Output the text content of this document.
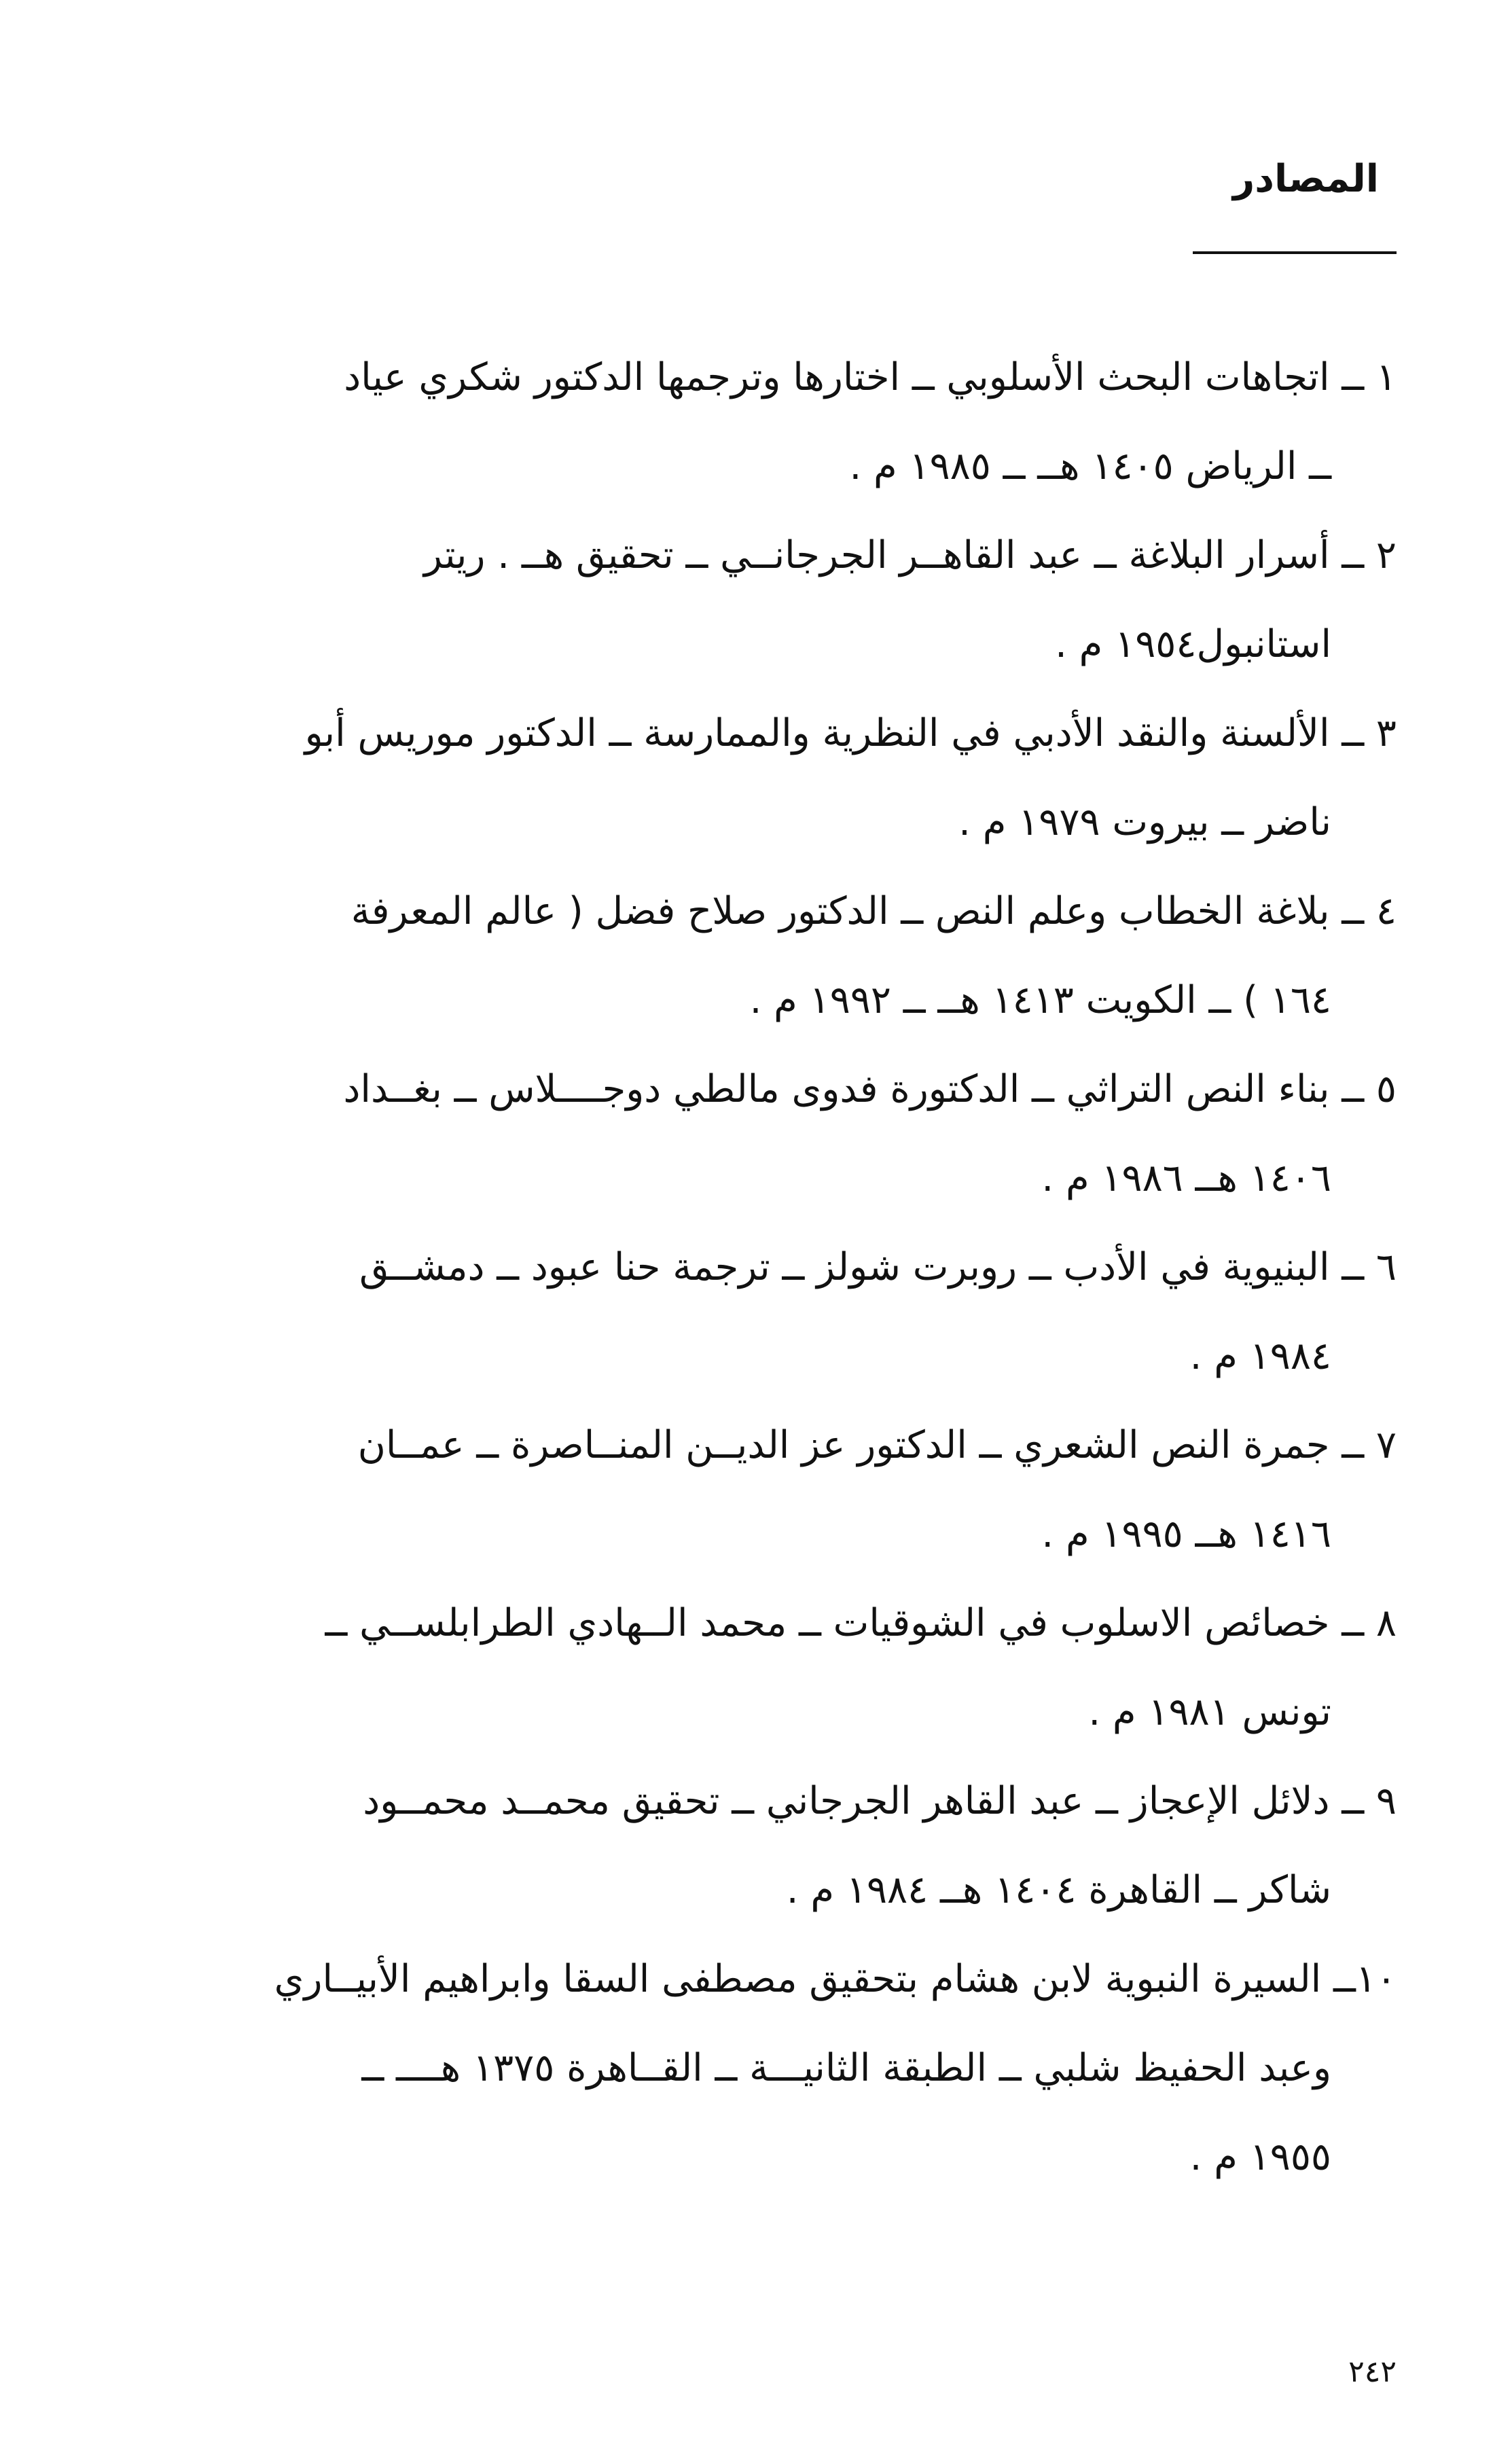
المصادر
١ ــ اتجاهات البحث الأسلوبي ــ اختارها وترجمها الدكتور شكري عياد
ــ الرياض ١٤٠٥ هــ ــ ١٩٨٥ م .
٢ ــ أسرار البلاغة ــ عبد القاهــر الجرجانــي ــ تحقيق هــ . ريتر
استانبول١٩٥٤ م .
٣ ــ الألسنة والنقد الأدبي في النظرية والممارسة ــ الدكتور موريس أبو
ناضر ــ بيروت ١٩٧٩ م .
٤ ــ بلاغة الخطاب وعلم النص ــ الدكتور صلاح فضل ( عالم المعرفة
١٦٤ ) ــ الكويت ١٤١٣ هــ ــ ١٩٩٢ م .
٥ ــ بناء النص التراثي ــ الدكتورة فدوى مالطي دوجــــلاس ــ بغــداد
١٤٠٦ هــ ١٩٨٦ م .
٦ ــ البنيوية في الأدب ــ روبرت شولز ــ ترجمة حنا عبود ــ دمشــق
١٩٨٤ م .
٧ ــ جمرة النص الشعري ــ الدكتور عز الديــن المنــاصرة ــ عمــان
١٤١٦ هــ ١٩٩٥ م .
٨ ــ خصائص الاسلوب في الشوقيات ــ محمد الــهادي الطرابلســي ــ
تونس ١٩٨١ م .
٩ ــ دلائل الإعجاز ــ عبد القاهر الجرجاني ــ تحقيق محمــد محمــود
شاكر ــ القاهرة ١٤٠٤ هــ ١٩٨٤ م .
١٠ــ السيرة النبوية لابن هشام بتحقيق مصطفى السقا وابراهيم الأبيــاري
وعبد الحفيظ شلبي ــ الطبقة الثانيـــة ــ القــاهرة ١٣٧٥ هــــ ــ
١٩٥٥ م .
٢٤٢
